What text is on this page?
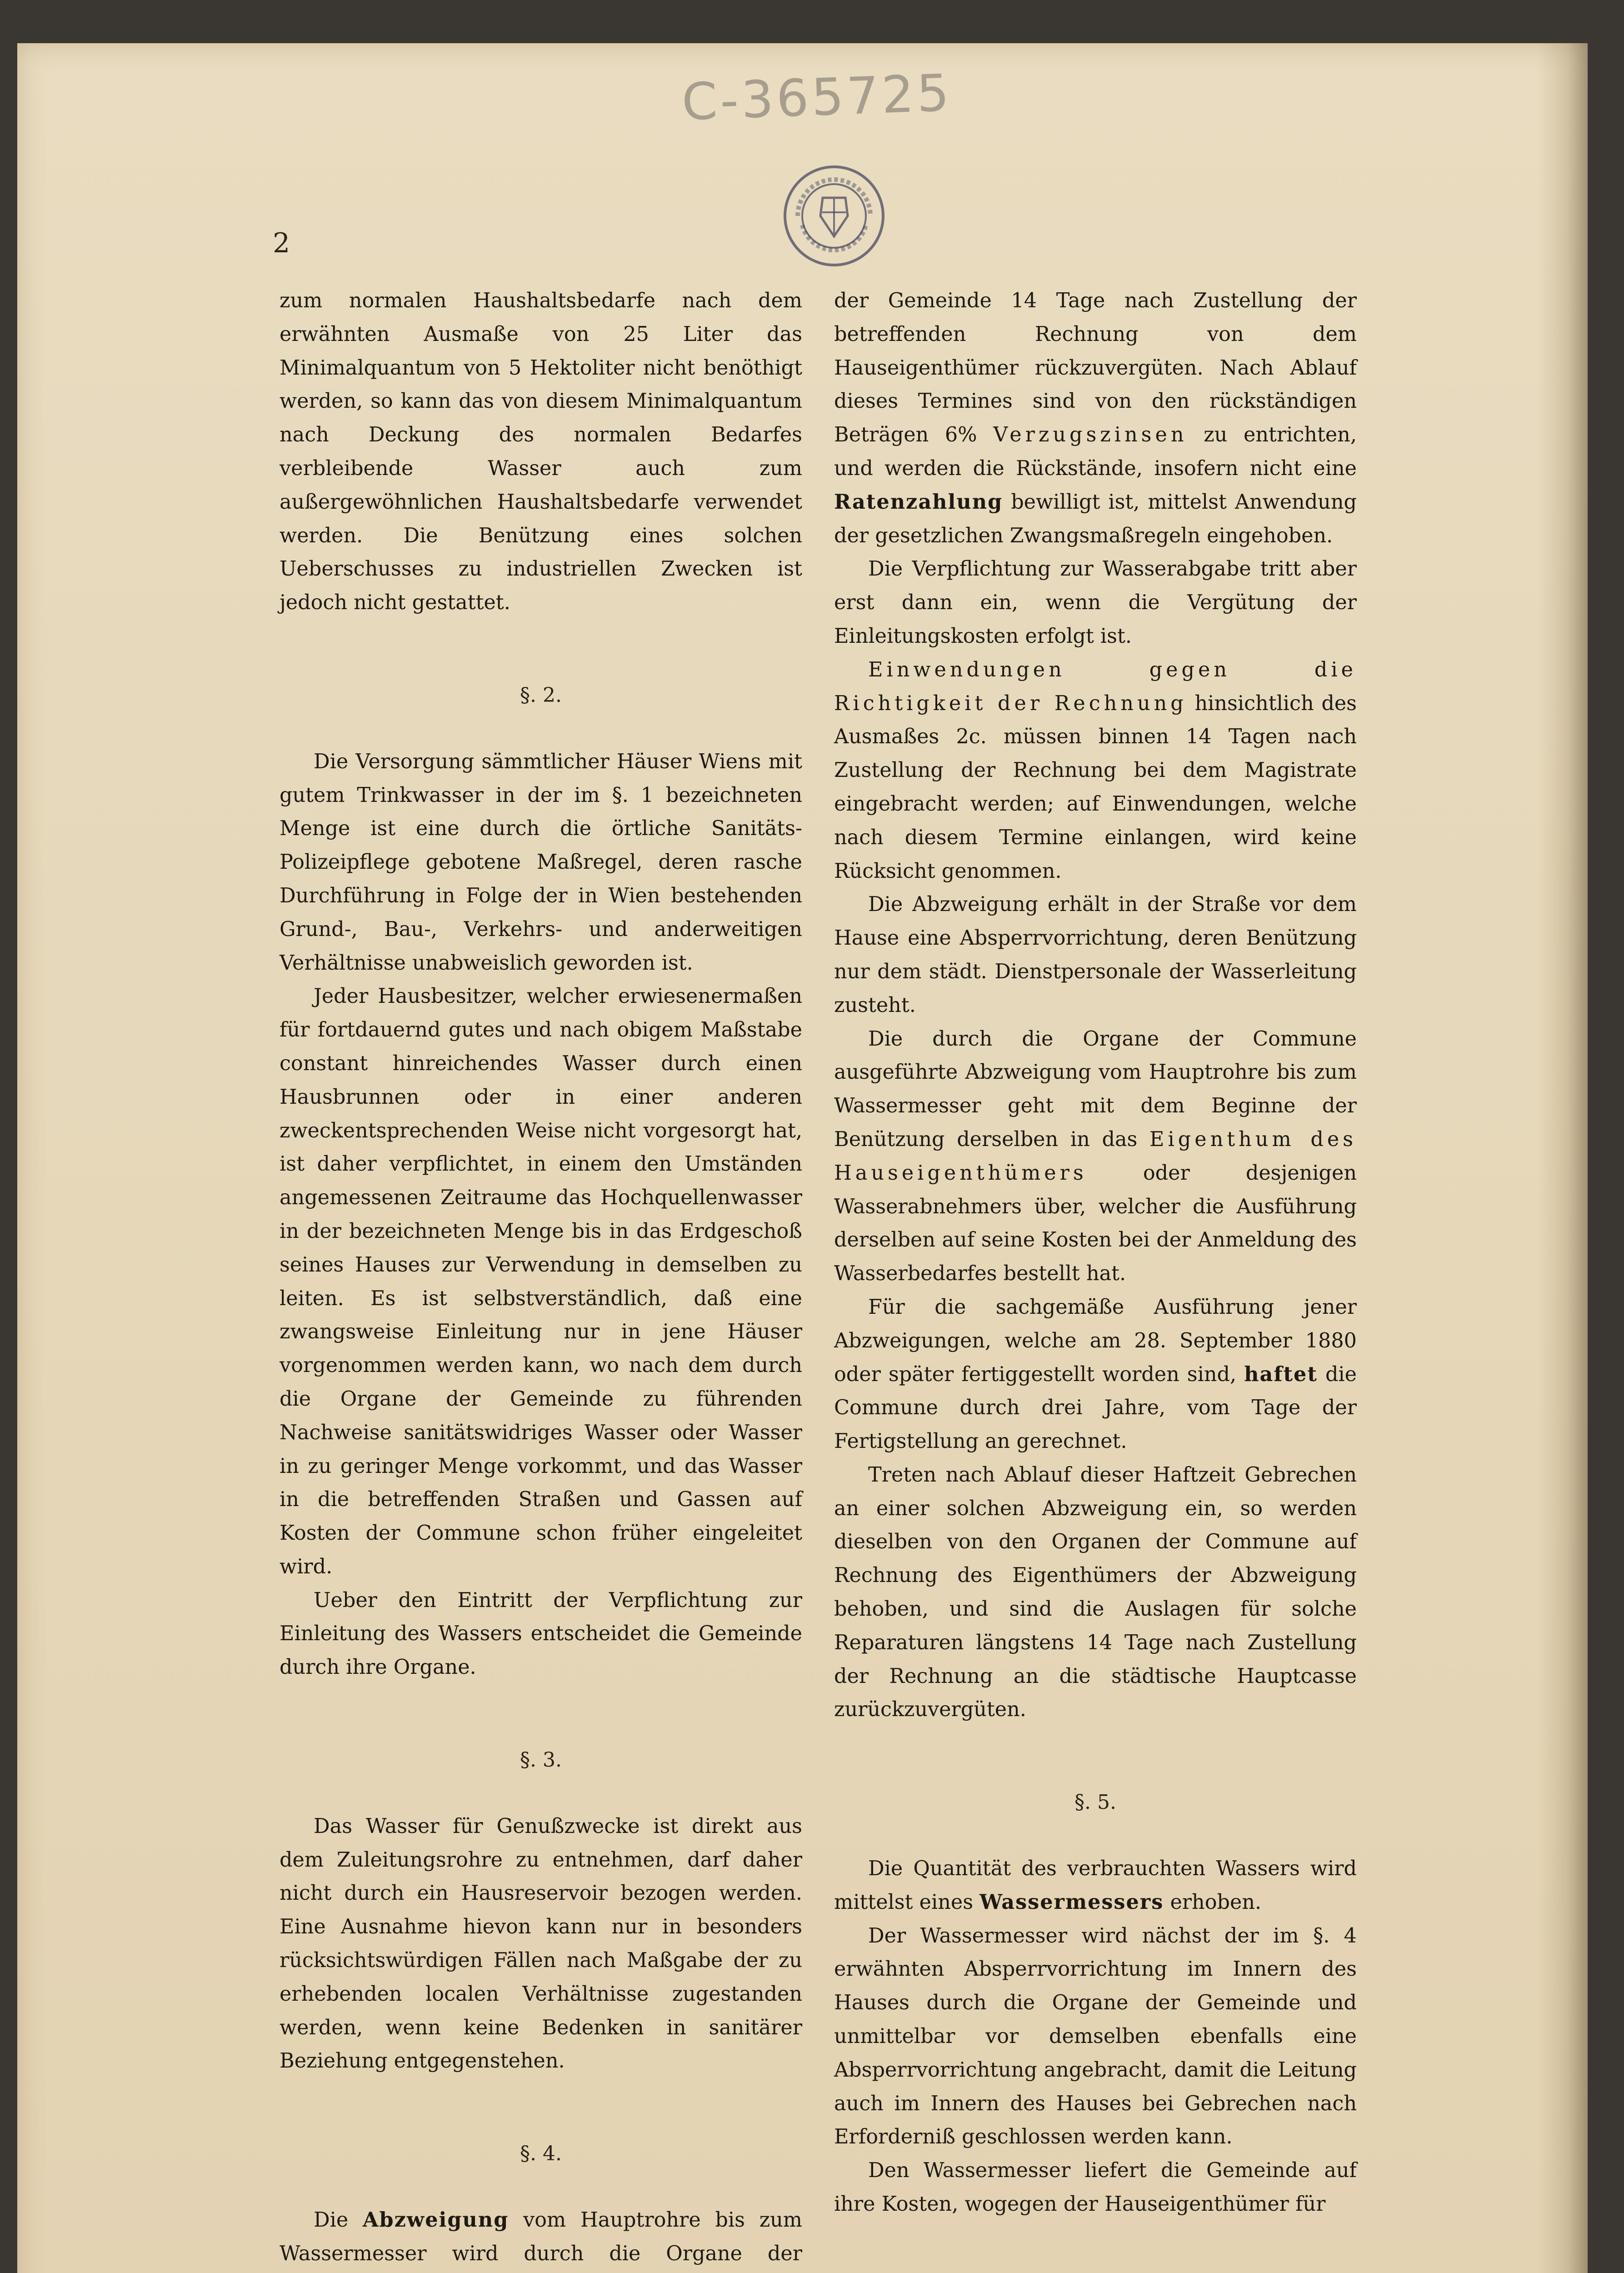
C-365725
2

zum normalen Haushaltsbedarfe nach dem erwähnten Ausmaße von 25 Liter das Minimalquantum von 5 Hektoliter nicht benöthigt werden, so kann das von diesem Minimalquantum nach Deckung des normalen Bedarfes verbleibende Wasser auch zum außergewöhnlichen Haushaltsbedarfe verwendet werden. Die Benützung eines solchen Ueberschusses zu industriellen Zwecken ist jedoch nicht gestattet.

§. 2.

Die Versorgung sämmtlicher Häuser Wiens mit gutem Trinkwasser in der im §. 1 bezeichneten Menge ist eine durch die örtliche Sanitäts-Polizeipflege gebotene Maßregel, deren rasche Durchführung in Folge der in Wien bestehenden Grund-, Bau-, Verkehrs- und anderweitigen Verhältnisse unabweislich geworden ist.

Jeder Hausbesitzer, welcher erwiesenermaßen für fortdauernd gutes und nach obigem Maßstabe constant hinreichendes Wasser durch einen Hausbrunnen oder in einer anderen zweckentsprechenden Weise nicht vorgesorgt hat, ist daher verpflichtet, in einem den Umständen angemessenen Zeitraume das Hochquellenwasser in der bezeichneten Menge bis in das Erdgeschoß seines Hauses zur Verwendung in demselben zu leiten. Es ist selbstverständlich, daß eine zwangsweise Einleitung nur in jene Häuser vorgenommen werden kann, wo nach dem durch die Organe der Gemeinde zu führenden Nachweise sanitätswidriges Wasser oder Wasser in zu geringer Menge vorkommt, und das Wasser in die betreffenden Straßen und Gassen auf Kosten der Commune schon früher eingeleitet wird.

Ueber den Eintritt der Verpflichtung zur Einleitung des Wassers entscheidet die Gemeinde durch ihre Organe.

§. 3.

Das Wasser für Genußzwecke ist direkt aus dem Zuleitungsrohre zu entnehmen, darf daher nicht durch ein Hausreservoir bezogen werden. Eine Ausnahme hievon kann nur in besonders rücksichtswürdigen Fällen nach Maßgabe der zu erhebenden localen Verhältnisse zugestanden werden, wenn keine Bedenken in sanitärer Beziehung entgegenstehen.

§. 4.

Die Abzweigung vom Hauptrohre bis zum Wassermesser wird durch die Organe der

der Gemeinde 14 Tage nach Zustellung der betreffenden Rechnung von dem Hauseigenthümer rückzuvergüten. Nach Ablauf dieses Termines sind von den rückständigen Beträgen 6% Verzugszinsen zu entrichten, und werden die Rückstände, insofern nicht eine Ratenzahlung bewilligt ist, mittelst Anwendung der gesetzlichen Zwangsmaßregeln eingehoben.

Die Verpflichtung zur Wasserabgabe tritt aber erst dann ein, wenn die Vergütung der Einleitungskosten erfolgt ist.

Einwendungen gegen die Richtigkeit der Rechnung hinsichtlich des Ausmaßes 2c. müssen binnen 14 Tagen nach Zustellung der Rechnung bei dem Magistrate eingebracht werden; auf Einwendungen, welche nach diesem Termine einlangen, wird keine Rücksicht genommen.

Die Abzweigung erhält in der Straße vor dem Hause eine Absperrvorrichtung, deren Benützung nur dem städt. Dienstpersonale der Wasserleitung zusteht.

Die durch die Organe der Commune ausgeführte Abzweigung vom Hauptrohre bis zum Wassermesser geht mit dem Beginne der Benützung derselben in das Eigenthum des Hauseigenthümers oder desjenigen Wasserabnehmers über, welcher die Ausführung derselben auf seine Kosten bei der Anmeldung des Wasserbedarfes bestellt hat.

Für die sachgemäße Ausführung jener Abzweigungen, welche am 28. September 1880 oder später fertiggestellt worden sind, haftet die Commune durch drei Jahre, vom Tage der Fertigstellung an gerechnet.

Treten nach Ablauf dieser Haftzeit Gebrechen an einer solchen Abzweigung ein, so werden dieselben von den Organen der Commune auf Rechnung des Eigenthümers der Abzweigung behoben, und sind die Auslagen für solche Reparaturen längstens 14 Tage nach Zustellung der Rechnung an die städtische Hauptcasse zurückzuvergüten.

§. 5.

Die Quantität des verbrauchten Wassers wird mittelst eines Wassermessers erhoben.

Der Wassermesser wird nächst der im §. 4 erwähnten Absperrvorrichtung im Innern des Hauses durch die Organe der Gemeinde und unmittelbar vor demselben ebenfalls eine Absperrvorrichtung angebracht, damit die Leitung auch im Innern des Hauses bei Gebrechen nach Erforderniß geschlossen werden kann.

Den Wassermesser liefert die Gemeinde auf ihre Kosten, wogegen der Hauseigenthümer für
